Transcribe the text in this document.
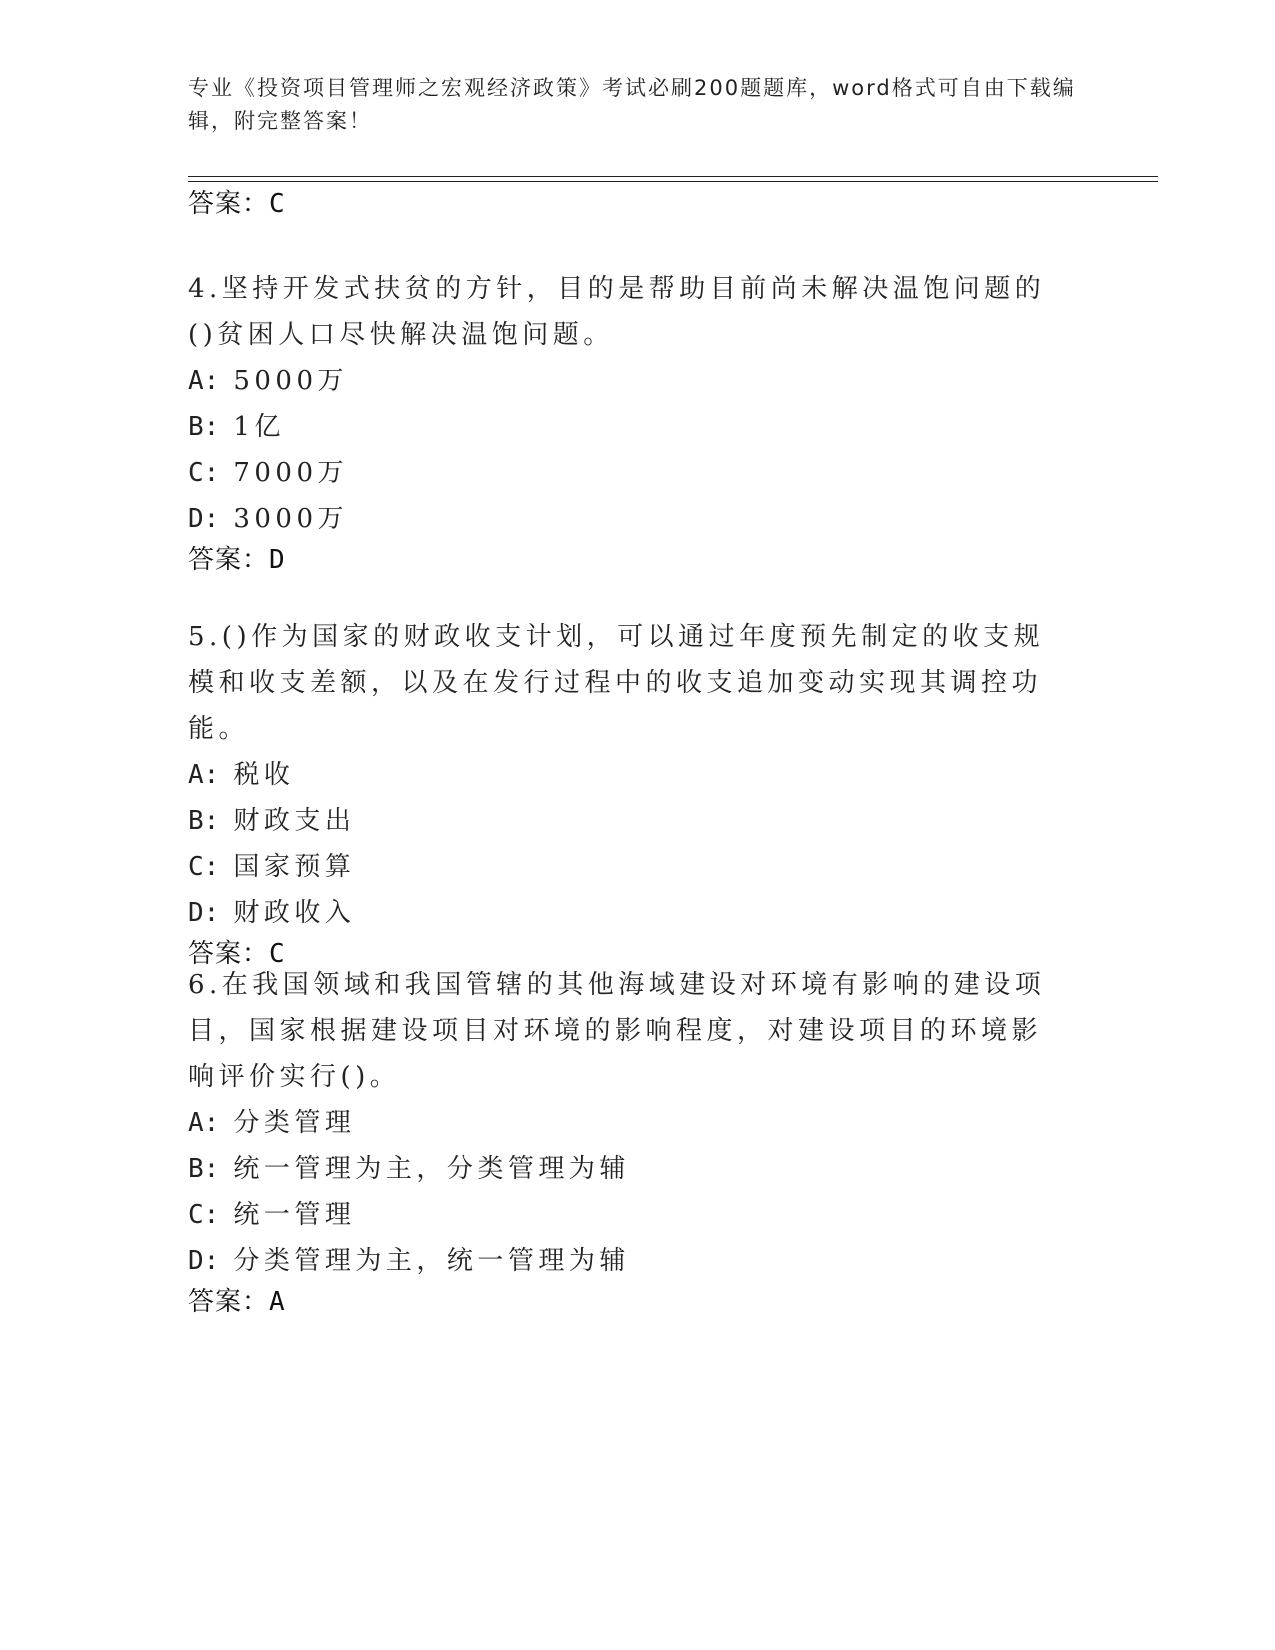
专业《投资项目管理师之宏观经济政策》考试必刷200题题库，word格式可自由下载编辑，附完整答案！
答案：C

4.坚持开发式扶贫的方针，目的是帮助目前尚未解决温饱问题的()贫困人口尽快解决温饱问题。

A: 5000万
B: 1亿
C: 7000万
D: 3000万
答案：D

5.()作为国家的财政收支计划，可以通过年度预先制定的收支规模和收支差额，以及在发行过程中的收支追加变动实现其调控功能。

A: 税收
B: 财政支出
C: 国家预算
D: 财政收入
答案：C

6.在我国领域和我国管辖的其他海域建设对环境有影响的建设项目，国家根据建设项目对环境的影响程度，对建设项目的环境影响评价实行()。

A: 分类管理
B: 统一管理为主，分类管理为辅
C: 统一管理
D: 分类管理为主，统一管理为辅
答案：A
